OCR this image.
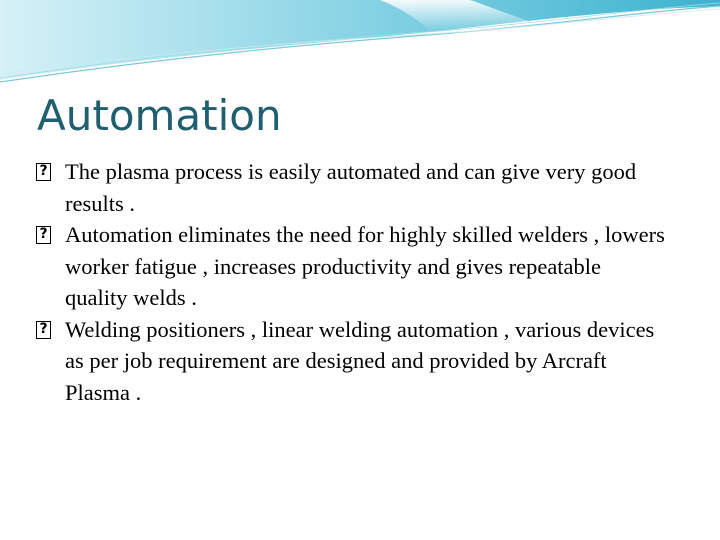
Automation
? The plasma process is easily automated and can give very good results .
? Automation eliminates the need for highly skilled welders , lowers worker fatigue , increases productivity and gives repeatable quality welds .
? Welding positioners , linear welding automation , various devices as per job requirement are designed and provided by Arcraft Plasma .
